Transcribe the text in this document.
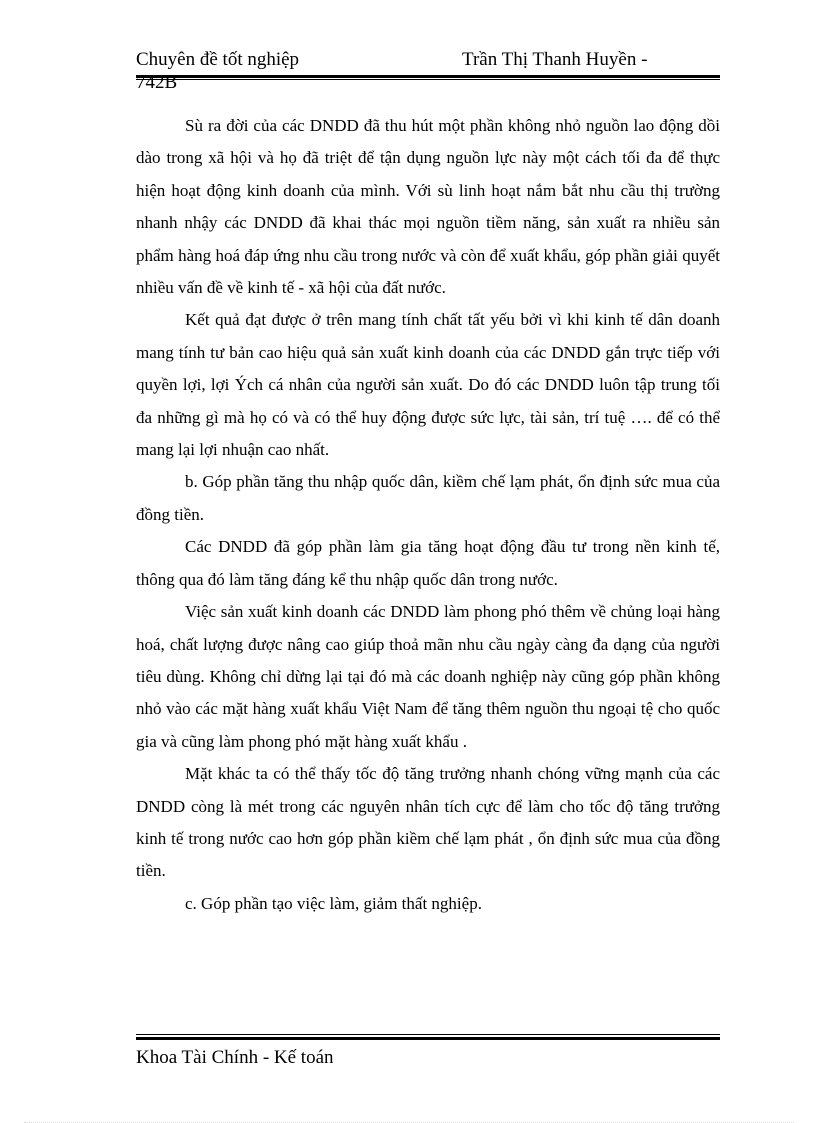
Chuyên đề tốt nghiệp	Trần Thị Thanh Huyền -
742B

Sù ra đời của các DNDD đã thu hút một phần không nhỏ nguồn lao động dồi dào trong xã hội và họ đã triệt để tận dụng nguồn lực này một cách tối đa để thực hiện hoạt động kinh doanh của mình. Với sù linh hoạt nắm bắt nhu cầu thị trường nhanh nhậy các DNDD đã khai thác mọi nguồn tiềm năng, sản xuất ra nhiều sản phẩm hàng hoá đáp ứng nhu cầu trong nước và còn để xuất khẩu, góp phần giải quyết nhiều vấn đề về kinh tế - xã hội của đất nước.

Kết quả đạt được ở trên mang tính chất tất yếu bởi vì khi kinh tế dân doanh mang tính tư bản cao hiệu quả sản xuất kinh doanh của các DNDD gắn trực tiếp với quyền lợi, lợi Ých cá nhân của người sản xuất. Do đó các DNDD luôn tập trung tối đa những gì mà họ có và có thể huy động được sức lực, tài sản, trí tuệ …. để có thể mang lại lợi nhuận cao nhất.

b. Góp phần tăng thu nhập quốc dân, kiềm chế lạm phát, ổn định sức mua của đồng tiền.

Các DNDD đã góp phần làm gia tăng hoạt động đầu tư trong nền kinh tế, thông qua đó làm tăng đáng kể thu nhập quốc dân trong nước.

Việc sản xuất kinh doanh các DNDD làm phong phó thêm về chủng loại hàng hoá, chất lượng được nâng cao giúp thoả mãn nhu cầu ngày càng đa dạng của người tiêu dùng. Không chỉ dừng lại tại đó mà các doanh nghiệp này cũng góp phần không nhỏ vào các mặt hàng xuất khẩu Việt Nam để tăng thêm nguồn thu ngoại tệ cho quốc gia và cũng làm phong phó mặt hàng xuất khẩu .

Mặt khác ta có thể thấy tốc độ tăng trưởng nhanh chóng vững mạnh của các DNDD còng là mét trong các nguyên nhân tích cực để làm cho tốc độ tăng trưởng kinh tế trong nước cao hơn góp phần kiềm chế lạm phát , ổn định sức mua của đồng tiền.

c. Góp phần tạo việc làm, giảm thất nghiệp.

Khoa Tài Chính - Kế toán
